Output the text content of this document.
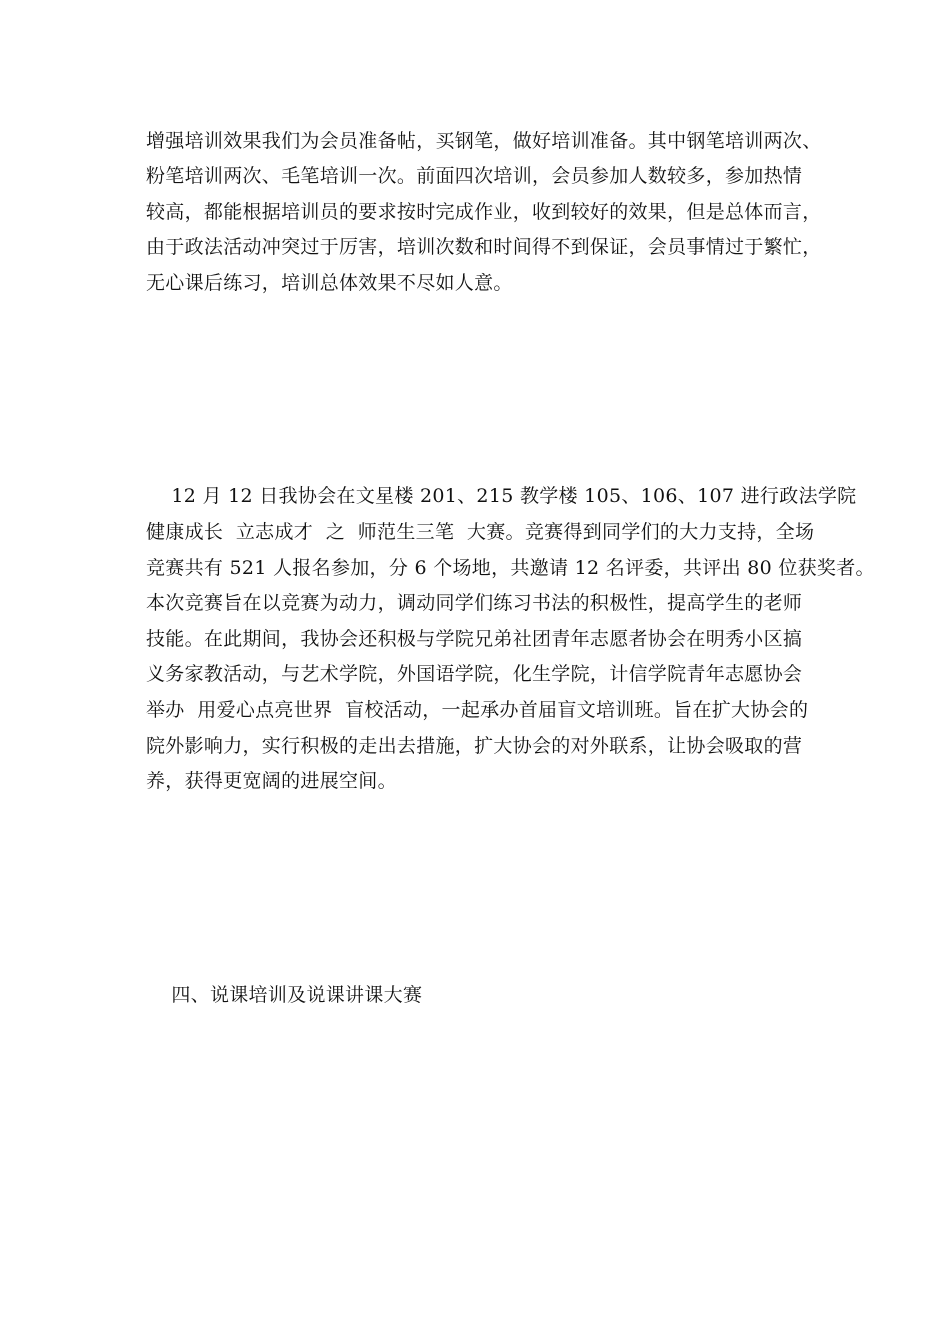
增强培训效果我们为会员准备帖，买钢笔，做好培训准备。其中钢笔培训两次、
粉笔培训两次、毛笔培训一次。前面四次培训，会员参加人数较多，参加热情
较高，都能根据培训员的要求按时完成作业，收到较好的效果，但是总体而言，
由于政法活动冲突过于厉害，培训次数和时间得不到保证，会员事情过于繁忙，
无心课后练习，培训总体效果不尽如人意。
12 月 12 日我协会在文星楼 201、215 教学楼 105、106、107 进行政法学院
健康成长  立志成才  之  师范生三笔  大赛。竞赛得到同学们的大力支持，全场
竞赛共有 521 人报名参加，分 6 个场地，共邀请 12 名评委，共评出 80 位获奖者。
本次竞赛旨在以竞赛为动力，调动同学们练习书法的积极性，提高学生的老师
技能。在此期间，我协会还积极与学院兄弟社团青年志愿者协会在明秀小区搞
义务家教活动，与艺术学院，外国语学院，化生学院，计信学院青年志愿协会
举办  用爱心点亮世界  盲校活动，一起承办首届盲文培训班。旨在扩大协会的
院外影响力，实行积极的走出去措施，扩大协会的对外联系，让协会吸取的营
养，获得更宽阔的进展空间。
四、说课培训及说课讲课大赛
